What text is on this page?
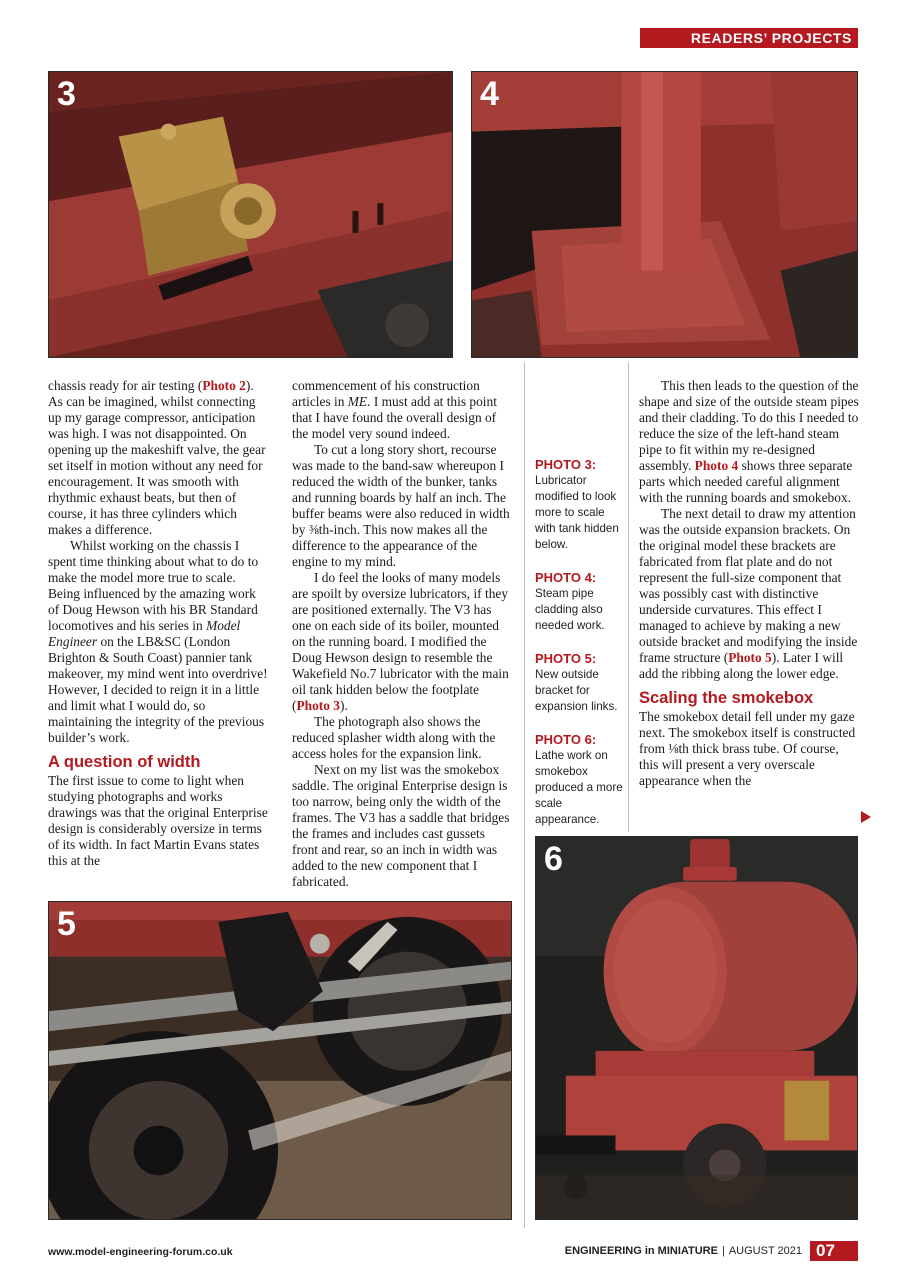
READERS’ PROJECTS
3	4

chassis ready for air testing (Photo 2). As can be imagined, whilst connecting up my garage compressor, anticipation was high. I was not disappointed. On opening up the makeshift valve, the gear set itself in motion without any need for encouragement. It was smooth with rhythmic exhaust beats, but then of course, it has three cylinders which makes a difference.

Whilst working on the chassis I spent time thinking about what to do to make the model more true to scale. Being influenced by the amazing work of Doug Hewson with his BR Standard locomotives and his series in Model Engineer on the LB&SC (London Brighton & South Coast) pannier tank makeover, my mind went into overdrive! However, I decided to reign it in a little and limit what I would do, so maintaining the integrity of the previous builder’s work.

A question of width

The first issue to come to light when studying photographs and works drawings was that the original Enterprise design is considerably oversize in terms of its width. In fact Martin Evans states this at the

commencement of his construction articles in ME. I must add at this point that I have found the overall design of the model very sound indeed.

To cut a long story short, recourse was made to the band-saw whereupon I reduced the width of the bunker, tanks and running boards by half an inch. The buffer beams were also reduced in width by ⅜th-inch. This now makes all the difference to the appearance of the engine to my mind.

I do feel the looks of many models are spoilt by oversize lubricators, if they are positioned externally. The V3 has one on each side of its boiler, mounted on the running board. I modified the Doug Hewson design to resemble the Wakefield No.7 lubricator with the main oil tank hidden below the footplate (Photo 3).

The photograph also shows the reduced splasher width along with the access holes for the expansion link.

Next on my list was the smokebox saddle. The original Enterprise design is too narrow, being only the width of the frames. The V3 has a saddle that bridges the frames and includes cast gussets front and rear, so an inch in width was added to the new component that I fabricated.

PHOTO 3:
Lubricator modified to look more to scale with tank hidden below.
PHOTO 4:
Steam pipe cladding also needed work.
PHOTO 5:
New outside bracket for expansion links.
PHOTO 6:
Lathe work on smokebox produced a more scale appearance.

This then leads to the question of the shape and size of the outside steam pipes and their cladding. To do this I needed to reduce the size of the left-hand steam pipe to fit within my re-designed assembly. Photo 4 shows three separate parts which needed careful alignment with the running boards and smokebox.

The next detail to draw my attention was the outside expansion brackets. On the original model these brackets are fabricated from flat plate and do not represent the full-size component that was possibly cast with distinctive underside curvatures. This effect I managed to achieve by making a new outside bracket and modifying the inside frame structure (Photo 5). Later I will add the ribbing along the lower edge.

Scaling the smokebox

The smokebox detail fell under my gaze next. The smokebox itself is constructed from ⅛th thick brass tube. Of course, this will present a very overscale appearance when the

6
5
www.model-engineering-forum.co.uk	ENGINEERING in MINIATURE | AUGUST 2021 07
